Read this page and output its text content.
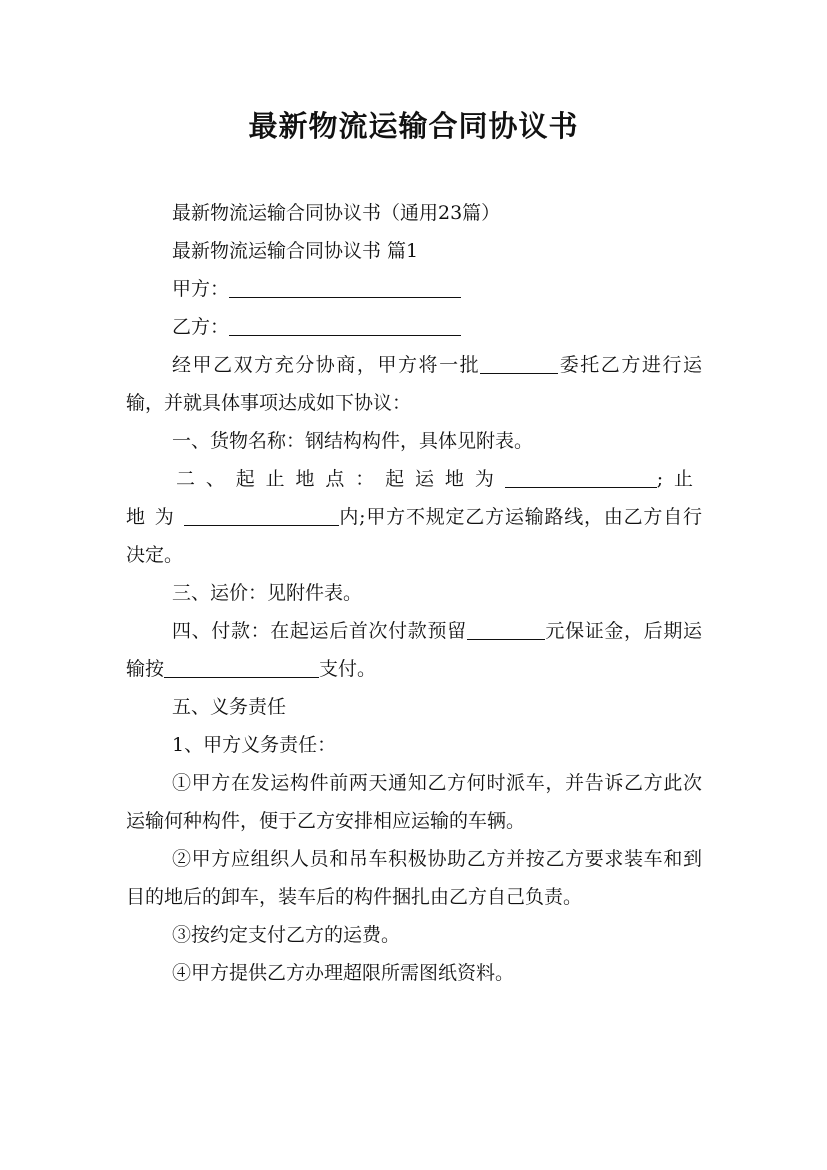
最新物流运输合同协议书

最新物流运输合同协议书（通用23篇）

最新物流运输合同协议书 篇1

甲方：

乙方：

经甲乙双方充分协商，甲方将一批	委托乙方进行运输，并就具体事项达成如下协议：

一、货物名称：钢结构构件，具体见附表。

二、起止地点：起运地为	;止地为	内;甲方不规定乙方运输路线，由乙方自行决定。

三、运价：见附件表。

四、付款：在起运后首次付款预留	元保证金，后期运输按	支付。

五、义务责任

1、甲方义务责任：

①甲方在发运构件前两天通知乙方何时派车，并告诉乙方此次运输何种构件，便于乙方安排相应运输的车辆。

②甲方应组织人员和吊车积极协助乙方并按乙方要求装车和到目的地后的卸车，装车后的构件捆扎由乙方自己负责。

③按约定支付乙方的运费。

④甲方提供乙方办理超限所需图纸资料。
